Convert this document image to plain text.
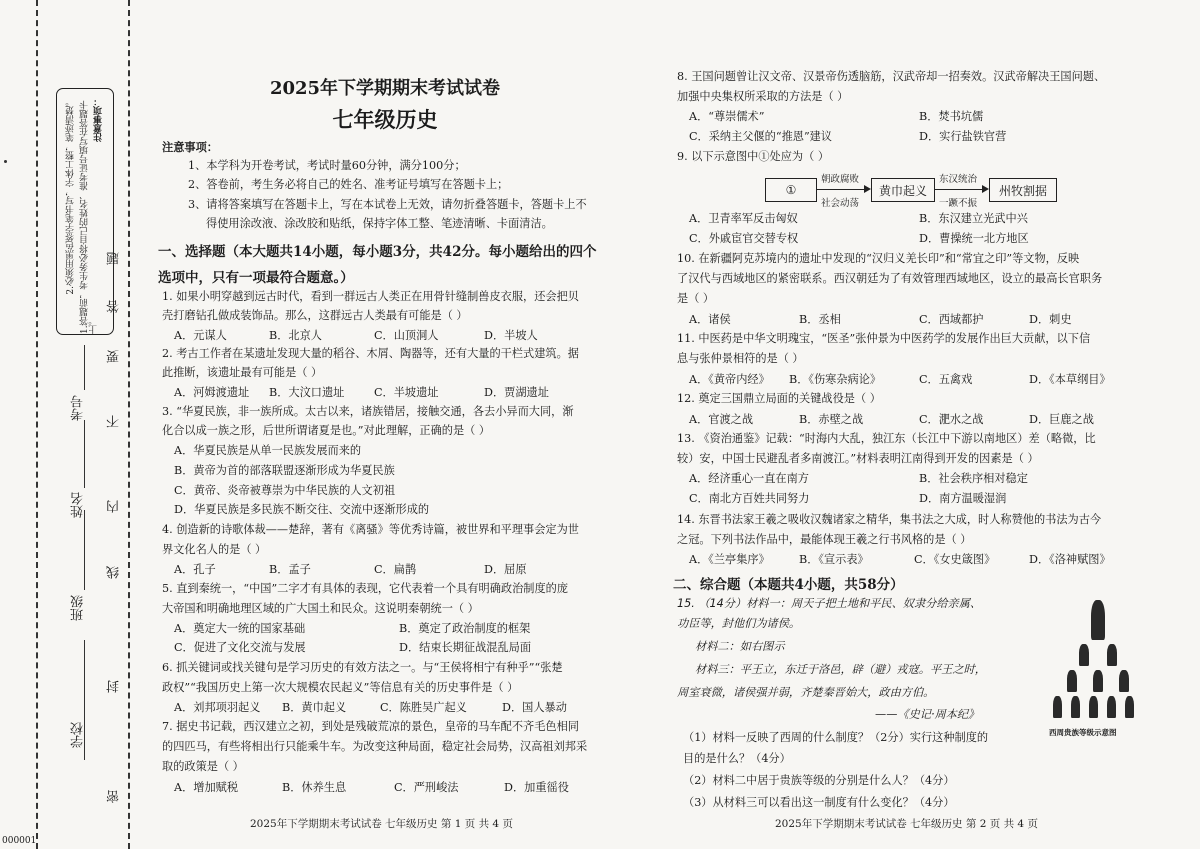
注意事项：
1.答题前，考生务必将自己的姓名、准考证号填写在答题卡上。
2.必须用黑色签字笔书写，字体工整，笔迹清楚。
密
封
线
内
不
要
答
题
学校
班级
姓名
考号
000001
2025年下学期期末考试试卷
七年级历史
注意事项：
1、本学科为开卷考试，考试时量60分钟，满分100分；
2、答卷前，考生务必将自己的姓名、准考证号填写在答题卡上；
3、请将答案填写在答题卡上，写在本试卷上无效，请勿折叠答题卡，答题卡上不
得使用涂改液、涂改胶和贴纸，保持字体工整、笔迹清晰、卡面清洁。
一、选择题（本大题共14小题，每小题3分，共42分。每小题给出的四个
选项中，只有一项最符合题意。）
1. 如果小明穿越到远古时代，看到一群远古人类正在用骨针缝制兽皮衣服，还会把贝
壳打磨钻孔做成装饰品。那么，这群远古人类最有可能是（ ）
A．元谋人	B．北京人	C．山顶洞人	D．半坡人
2. 考古工作者在某遗址发现大量的稻谷、木屑、陶器等，还有大量的干栏式建筑。据
此推断，该遗址最有可能是（ ）
A．河姆渡遗址 B．大汶口遗址	C．半坡遗址	D．贾湖遗址
3. “华夏民族，非一族所成。太古以来，诸族错居，接触交通，各去小异而大同，渐
化合以成一族之形，后世所谓诸夏是也。”对此理解，正确的是（ ）
A．华夏民族是从单一民族发展而来的
B．黄帝为首的部落联盟逐渐形成为华夏民族
C．黄帝、炎帝被尊崇为中华民族的人文初祖
D．华夏民族是多民族不断交往、交流中逐渐形成的
4. 创造新的诗歌体裁——楚辞，著有《离骚》等优秀诗篇，被世界和平理事会定为世
界文化名人的是（ ）
A．孔子	B．孟子	C．扁鹊	D．屈原
5. 直到秦统一，“中国”二字才有具体的表现，它代表着一个具有明确政治制度的庞
大帝国和明确地理区域的广大国土和民众。这说明秦朝统一（ ）
A．奠定大一统的国家基础	B．奠定了政治制度的框架
C．促进了文化交流与发展	D．结束长期征战混乱局面
6. 抓关键词或找关键句是学习历史的有效方法之一。与“王侯将相宁有种乎”“张楚
政权”“我国历史上第一次大规模农民起义”等信息有关的历史事件是（ ）
A．刘邦项羽起义 B．黄巾起义	C．陈胜吴广起义	D．国人暴动
7. 据史书记载，西汉建立之初，到处是残破荒凉的景色，皇帝的马车配不齐毛色相同
的四匹马，有些将相出行只能乘牛车。为改变这种局面，稳定社会局势，汉高祖刘邦采
取的政策是（ ）
A．增加赋税	B．休养生息	C．严刑峻法	D．加重徭役
2025年下学期期末考试试卷 七年级历史 第 1 页 共 4 页
8. 王国问题曾让汉文帝、汉景帝伤透脑筋，汉武帝却一招奏效。汉武帝解决王国问题、
加强中央集权所采取的方法是（ ）
A．“尊崇儒术”	B．焚书坑儒
C．采纳主父偃的“推恩”建议	D．实行盐铁官营
9. 以下示意图中①处应为（ ）
①
朝政腐败
社会动荡
黄巾起义
东汉统治
一蹶不振
州牧割据
A．卫青率军反击匈奴	B．东汉建立光武中兴
C．外戚宦官交替专权	D．曹操统一北方地区
10. 在新疆阿克苏境内的遗址中发现的“汉归义羌长印”和“常宜之印”等文物，反映
了汉代与西域地区的紧密联系。西汉朝廷为了有效管理西域地区，设立的最高长官职务
是（ ）
A．诸侯	B．丞相	C．西域都护	D．刺史
11. 中医药是中华文明瑰宝，“医圣”张仲景为中医药学的发展作出巨大贡献，以下信
息与张仲景相符的是（ ）
A．《黄帝内经》 B．《伤寒杂病论》	C．五禽戏	D．《本草纲目》
12. 奠定三国鼎立局面的关键战役是（ ）
A．官渡之战	B．赤壁之战	C．淝水之战	D．巨鹿之战
13. 《资治通鉴》记载：“时海内大乱，独江东（长江中下游以南地区）差（略微，比
较）安，中国士民避乱者多南渡江。”材料表明江南得到开发的因素是（ ）
A．经济重心一直在南方	B．社会秩序相对稳定
C．南北方百姓共同努力	D．南方温暖湿润
14. 东晋书法家王羲之吸收汉魏诸家之精华，集书法之大成，时人称赞他的书法为古今
之冠。下列书法作品中，最能体现王羲之行书风格的是（ ）
A．《兰亭集序》	B．《宣示表》	C．《女史箴图》	D．《洛神赋图》
二、综合题（本题共4小题，共58分）
15. （14分）材料一：周天子把土地和平民、奴隶分给亲属、
功臣等，封他们为诸侯。
材料二：如右图示
材料三：平王立，东迁于洛邑，辟（避）戎寇。平王之时，
周室衰微，诸侯强并弱，齐楚秦晋始大，政由方伯。
——《史记·周本纪》
（1）材料一反映了西周的什么制度？（2分）实行这种制度的
目的是什么？（4分）
（2）材料二中居于贵族等级的分别是什么人？（4分）
（3）从材料三可以看出这一制度有什么变化？（4分）
西周贵族等级示意图
2025年下学期期末考试试卷 七年级历史 第 2 页 共 4 页
